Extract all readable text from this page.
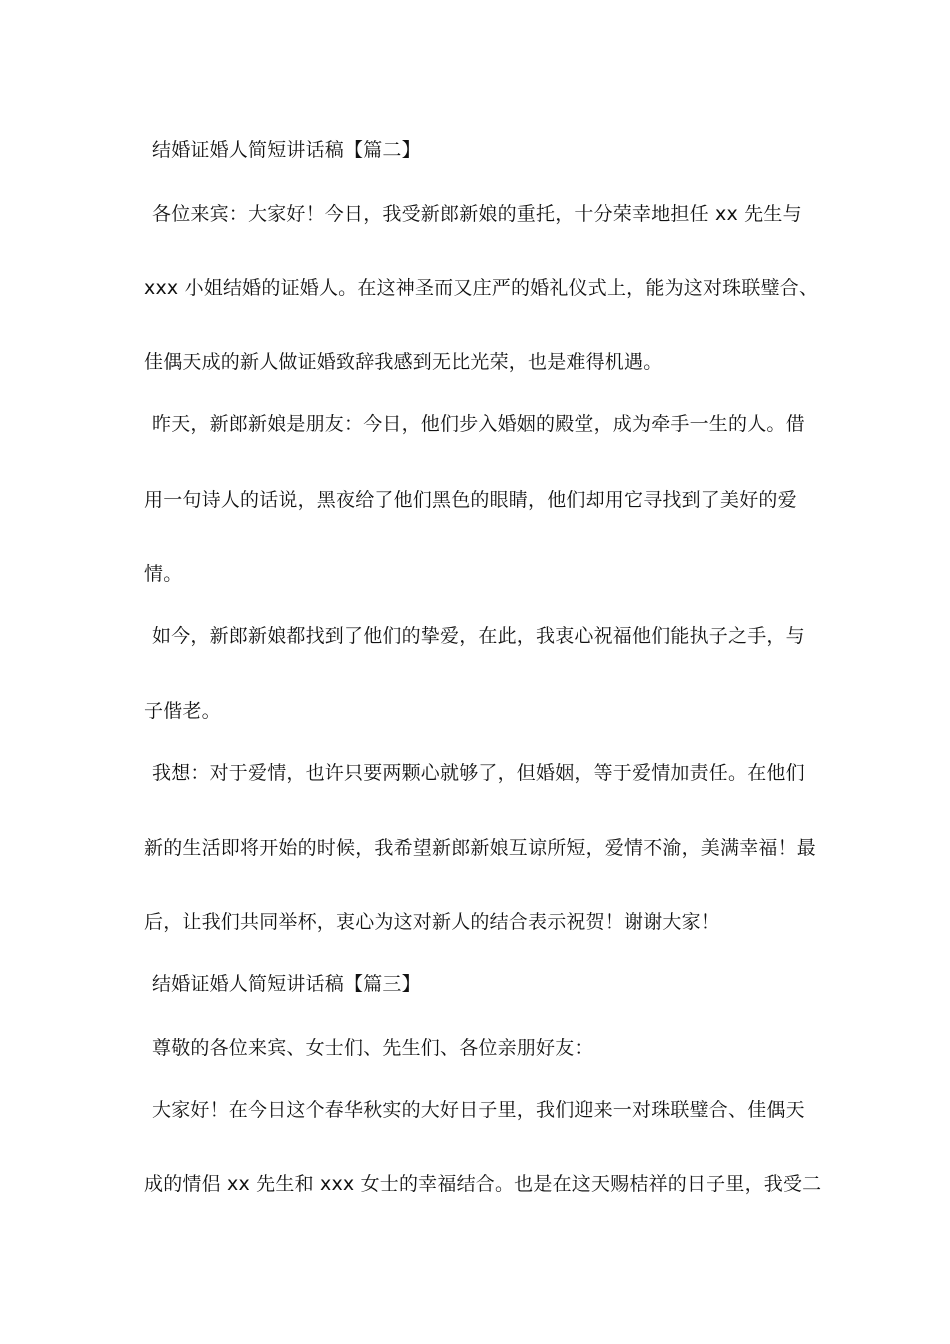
结婚证婚人简短讲话稿【篇二】
各位来宾：大家好！今日，我受新郎新娘的重托，十分荣幸地担任 xx 先生与
xxx 小姐结婚的证婚人。在这神圣而又庄严的婚礼仪式上，能为这对珠联璧合、
佳偶天成的新人做证婚致辞我感到无比光荣，也是难得机遇。
昨天，新郎新娘是朋友：今日，他们步入婚姻的殿堂，成为牵手一生的人。借
用一句诗人的话说，黑夜给了他们黑色的眼睛，他们却用它寻找到了美好的爱
情。
如今，新郎新娘都找到了他们的挚爱，在此，我衷心祝福他们能执子之手，与
子偕老。
我想：对于爱情，也许只要两颗心就够了，但婚姻，等于爱情加责任。在他们
新的生活即将开始的时候，我希望新郎新娘互谅所短，爱情不渝，美满幸福！最
后，让我们共同举杯，衷心为这对新人的结合表示祝贺！谢谢大家！
结婚证婚人简短讲话稿【篇三】
尊敬的各位来宾、女士们、先生们、各位亲朋好友：
大家好！在今日这个春华秋实的大好日子里，我们迎来一对珠联璧合、佳偶天
成的情侣 xx 先生和 xxx 女士的幸福结合。也是在这天赐桔祥的日子里，我受二
